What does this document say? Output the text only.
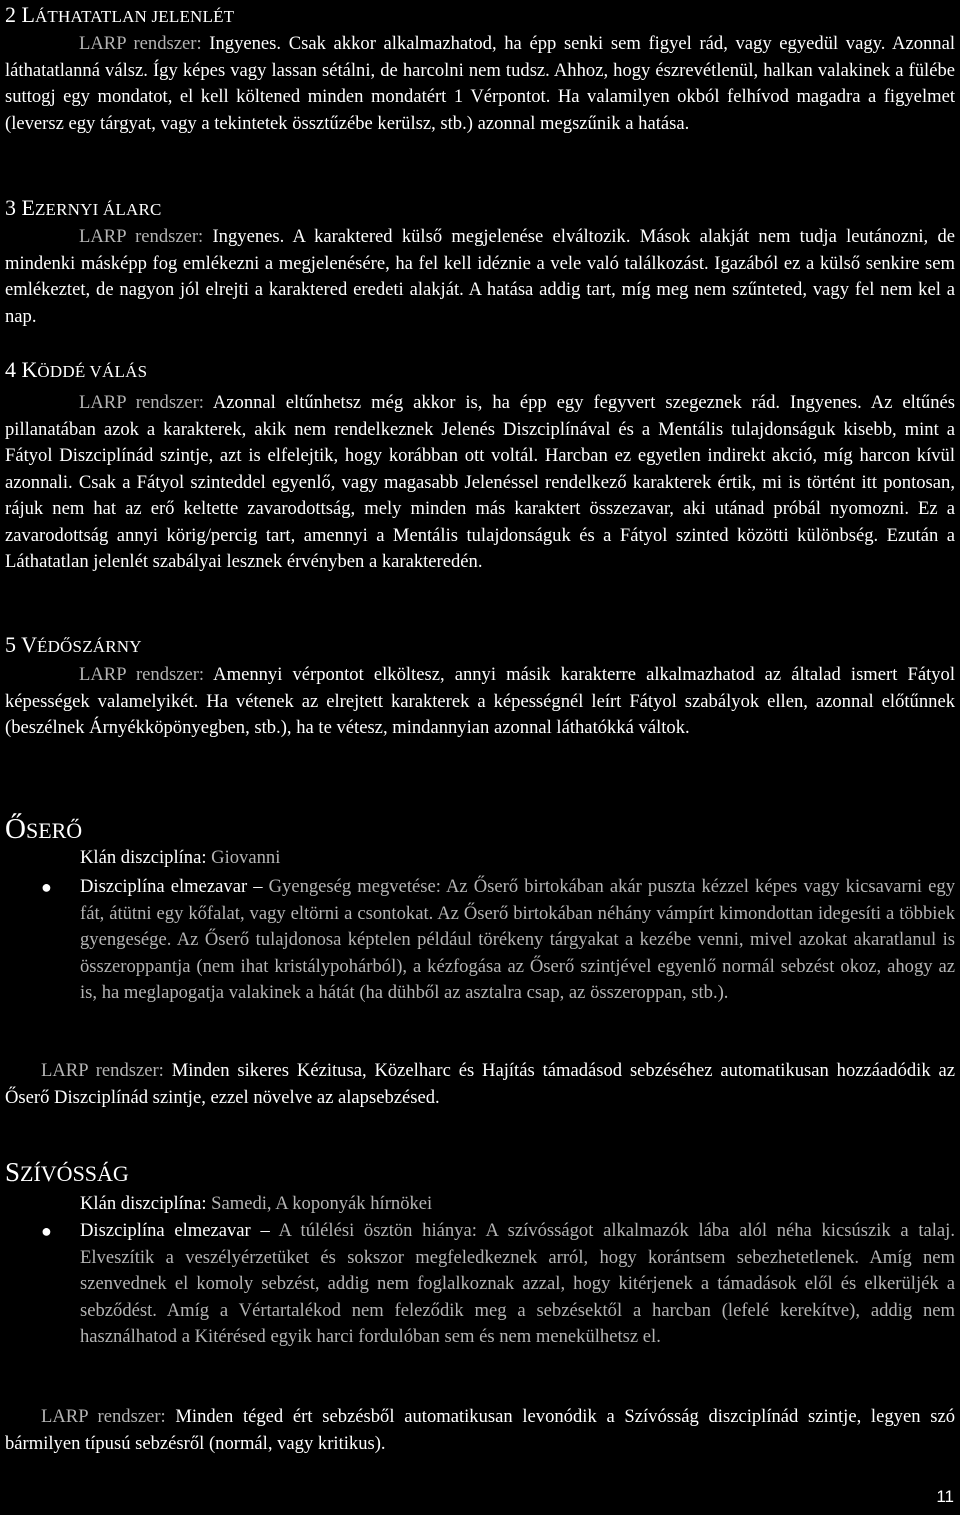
2 LÁTHATATLAN JELENLÉT
LARP rendszer: Ingyenes. Csak akkor alkalmazhatod, ha épp senki sem figyel rád, vagy egyedül vagy. Azonnal láthatatlanná válsz. Így képes vagy lassan sétálni, de harcolni nem tudsz. Ahhoz, hogy észrevétlenül, halkan valakinek a fülébe suttogj egy mondatot, el kell költened minden mondatért 1 Vérpontot. Ha valamilyen okból felhívod magadra a figyelmet (leversz egy tárgyat, vagy a tekintetek össztűzébe kerülsz, stb.) azonnal megszűnik a hatása.
3 EZERNYI ÁLARC
LARP rendszer: Ingyenes. A karaktered külső megjelenése elváltozik. Mások alakját nem tudja leutánozni, de mindenki másképp fog emlékezni a megjelenésére, ha fel kell idéznie a vele való találkozást. Igazából ez a külső senkire sem emlékeztet, de nagyon jól elrejti a karaktered eredeti alakját. A hatása addig tart, míg meg nem szűnteted, vagy fel nem kel a nap.
4 KÖDDÉ VÁLÁS
LARP rendszer: Azonnal eltűnhetsz még akkor is, ha épp egy fegyvert szegeznek rád. Ingyenes. Az eltűnés pillanatában azok a karakterek, akik nem rendelkeznek Jelenés Diszciplínával és a Mentális tulajdonságuk kisebb, mint a Fátyol Diszciplínád szintje, azt is elfelejtik, hogy korábban ott voltál. Harcban ez egyetlen indirekt akció, míg harcon kívül azonnali. Csak a Fátyol szinteddel egyenlő, vagy magasabb Jelenéssel rendelkező karakterek értik, mi is történt itt pontosan, rájuk nem hat az erő keltette zavarodottság, mely minden más karaktert összezavar, aki utánad próbál nyomozni. Ez a zavarodottság annyi körig/percig tart, amennyi a Mentális tulajdonságuk és a Fátyol szinted közötti különbség. Ezután a Láthatatlan jelenlét szabályai lesznek érvényben a karakteredén.
5 VÉDŐSZÁRNY
LARP rendszer: Amennyi vérpontot elköltesz, annyi másik karakterre alkalmazhatod az általad ismert Fátyol képességek valamelyikét. Ha vétenek az elrejtett karakterek a képességnél leírt Fátyol szabályok ellen, azonnal előtűnnek (beszélnek Árnyékköpönyegben, stb.), ha te vétesz, mindannyian azonnal láthatókká váltok.
ŐSERŐ
Klán diszciplína: Giovanni
● Diszciplína elmezavar – Gyengeség megvetése: Az Őserő birtokában akár puszta kézzel képes vagy kicsavarni egy fát, átütni egy kőfalat, vagy eltörni a csontokat. Az Őserő birtokában néhány vámpírt kimondottan idegesíti a többiek gyengesége. Az Őserő tulajdonosa képtelen például törékeny tárgyakat a kezébe venni, mivel azokat akaratlanul is összeroppantja (nem ihat kristálypohárból), a kézfogása az Őserő szintjével egyenlő normál sebzést okoz, ahogy az is, ha meglapogatja valakinek a hátát (ha dühből az asztalra csap, az összeroppan, stb.).
LARP rendszer: Minden sikeres Kézitusa, Közelharc és Hajítás támadásod sebzéséhez automatikusan hozzáadódik az Őserő Diszciplínád szintje, ezzel növelve az alapsebzésed.
SZÍVÓSSÁG
Klán diszciplína: Samedi, A koponyák hírnökei
● Diszciplína elmezavar – A túlélési ösztön hiánya: A szívósságot alkalmazók lába alól néha kicsúszik a talaj. Elveszítik a veszélyérzetüket és sokszor megfeledkeznek arról, hogy korántsem sebezhetetlenek. Amíg nem szenvednek el komoly sebzést, addig nem foglalkoznak azzal, hogy kitérjenek a támadások elől és elkerüljék a sebződést. Amíg a Vértartalékod nem feleződik meg a sebzésektől a harcban (lefelé kerekítve), addig nem használhatod a Kitérésed egyik harci fordulóban sem és nem menekülhetsz el.
LARP rendszer: Minden téged ért sebzésből automatikusan levonódik a Szívósság diszciplínád szintje, legyen szó bármilyen típusú sebzésről (normál, vagy kritikus).
11
